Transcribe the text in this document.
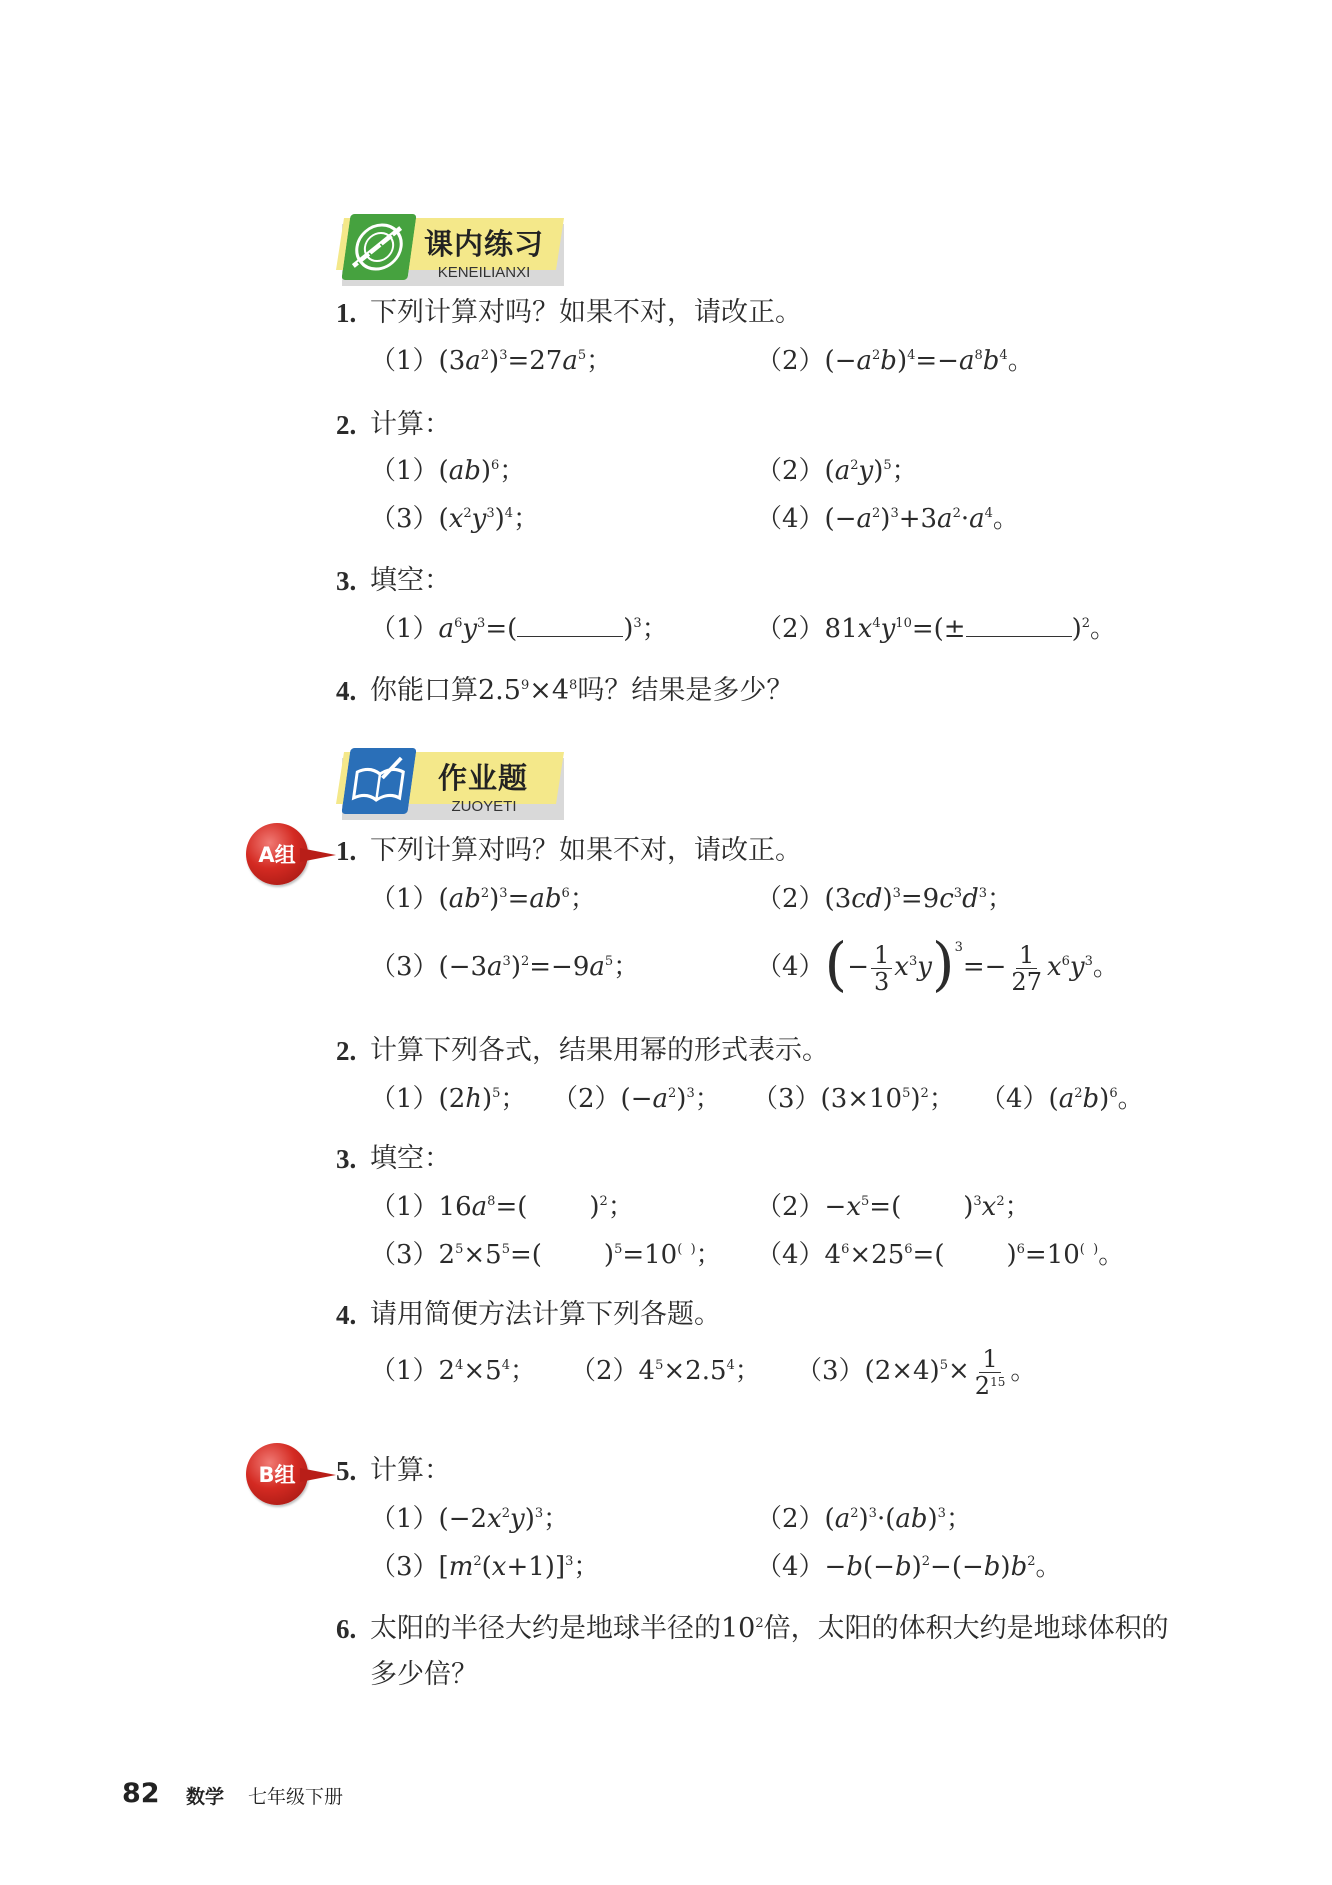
课内练习
KENEILIANXI
1. 下列计算对吗？如果不对，请改正。
$(1)(3a^2)^3=27a^5$；	$(2)(-a^2b)^4=-a^8b^4$。
2. 计算：
（1）(ab)$^6$；	$(2)(a^2y)^5$；
$(3)(x^2y^3)^4$；	$(4)(-a^2)^3+3a^2\cdot a^4$。
3. 填空：
$(1)a^6y^3=$(	)$^3$；	$(2)81x^4y^{10}=(\pm$	)$^2$。
4. 你能口算$2.5^9\times 4^8$吗？结果是多少？
作业题
ZUOYETI
A组	1. 下列计算对吗？如果不对，请改正。
$(1)(ab^2)^3=ab^6$；	$(2)(3cd)^3=9c^3d^3$；
$(3)(-3a^3)^2=-9a^5$；	$(4)(- \frac{1}{3} x^3y)^3=- \frac{1}{27} x^6y^3$。
2. 计算下列各式，结果用幂的形式表示。
$(1)(2h)^5$； $(2)(-a^2)^3$； $(3)(3\times 10^5)^2$； $(4)(a^2b)^6$。
3. 填空：
$(1)16a^8=$( )$^2$；	$(2)-x^5=$( )$^3x^2$；
$(3)2^5\times 5^5=$( )$^5$=10(  )； $(4)4^6\times 25^6=$( )$^6$=10(  )。
4. 请用简便方法计算下列各题。
$(1)2^4\times 5^4$； $(2)4^5\times 2.5^4$； $(3)(2\times 4)^5\times \frac{1}{2^{15}}$ 。
B组	5. 计算：
$(1)(-2x^2y)^3$；	$(2)(a^2)^3\cdot(ab)^3$；
$(3)[m^2(x+1)]^3$；	$(4)-b(-b)^2-(-b)b^2$。
6. 太阳的半径大约是地球半径的$10^2$倍，太阳的体积大约是地球体积的
多少倍？
82 数学 七年级下册
